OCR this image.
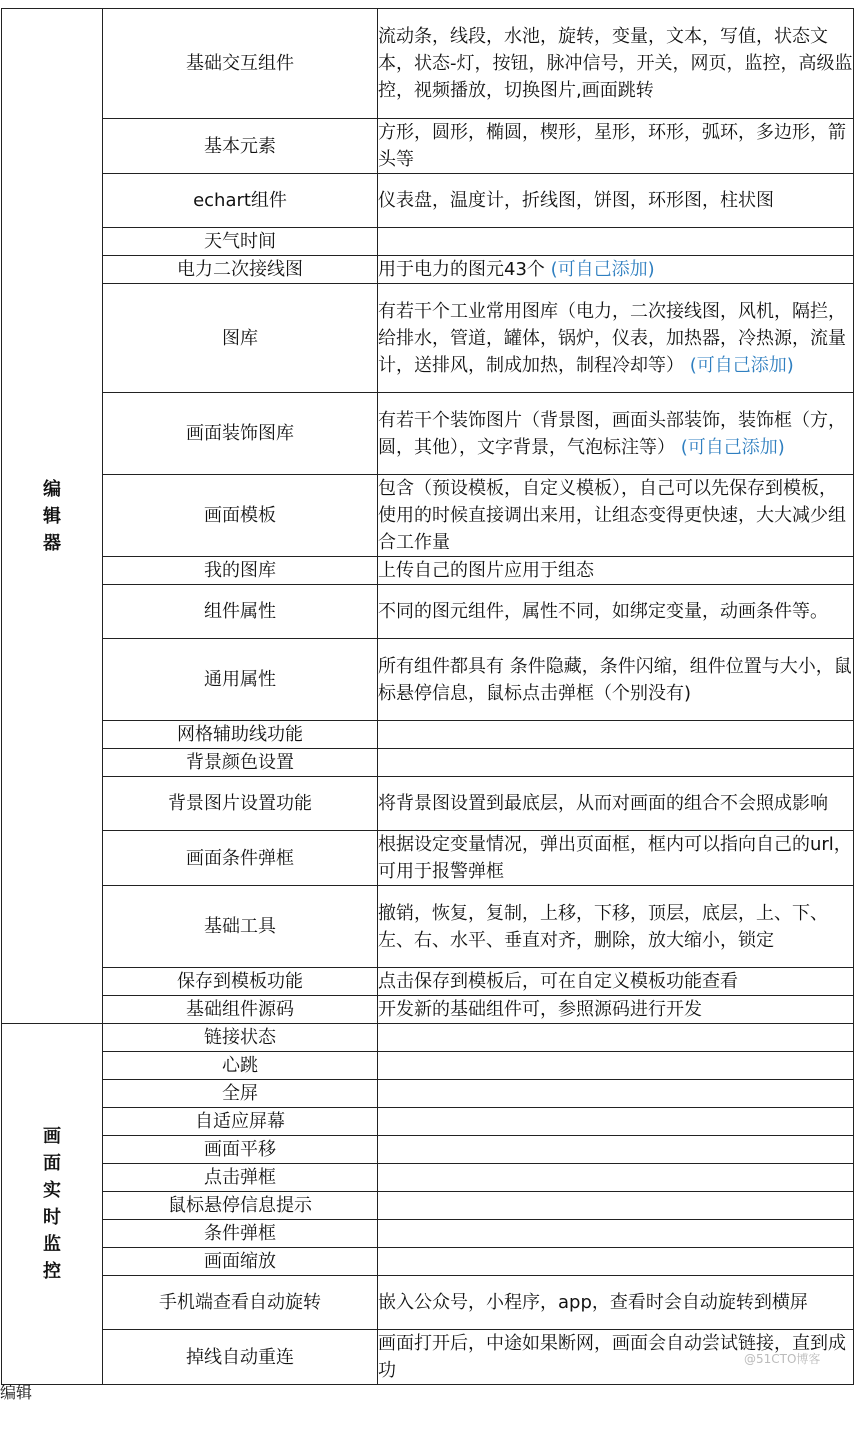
编辑器	基础交互组件	流动条，线段，水池，旋转，变量，文本，写值，状态文本，状态-灯，按钮，脉冲信号，开关，网页，监控，高级监控，视频播放，切换图片,画面跳转
	基本元素	方形，圆形，椭圆，楔形，星形，环形，弧环，多边形，箭头等
	echart组件	仪表盘，温度计，折线图，饼图，环形图，柱状图
	天气时间	
	电力二次接线图	用于电力的图元43个 (可自己添加)
	图库	有若干个工业常用图库（电力，二次接线图，风机，隔拦，给排水，管道，罐体，锅炉，仪表，加热器，冷热源，流量计，送排风，制成加热，制程冷却等） (可自己添加)
	画面装饰图库	有若干个装饰图片（背景图，画面头部装饰，装饰框（方，圆，其他），文字背景，气泡标注等） (可自己添加)
	画面模板	包含（预设模板，自定义模板），自己可以先保存到模板，使用的时候直接调出来用，让组态变得更快速，大大减少组合工作量
	我的图库	上传自己的图片应用于组态
	组件属性	不同的图元组件，属性不同，如绑定变量，动画条件等。
	通用属性	所有组件都具有 条件隐藏，条件闪缩，组件位置与大小，鼠标悬停信息，鼠标点击弹框（个别没有)
	网格辅助线功能	
	背景颜色设置	
	背景图片设置功能	将背景图设置到最底层，从而对画面的组合不会照成影响
	画面条件弹框	根据设定变量情况，弹出页面框，框内可以指向自己的url，可用于报警弹框
	基础工具	撤销，恢复，复制，上移，下移，顶层，底层，上、下、左、右、水平、垂直对齐，删除，放大缩小，锁定
	保存到模板功能	点击保存到模板后，可在自定义模板功能查看
	基础组件源码	开发新的基础组件可，参照源码进行开发
画面实时监控	链接状态	
	心跳	
	全屏	
	自适应屏幕	
	画面平移	
	点击弹框	
	鼠标悬停信息提示	
	条件弹框	
	画面缩放	
	手机端查看自动旋转	嵌入公众号，小程序，app，查看时会自动旋转到横屏
	掉线自动重连	画面打开后，中途如果断网，画面会自动尝试链接，直到成功
@51CTO博客
编辑
